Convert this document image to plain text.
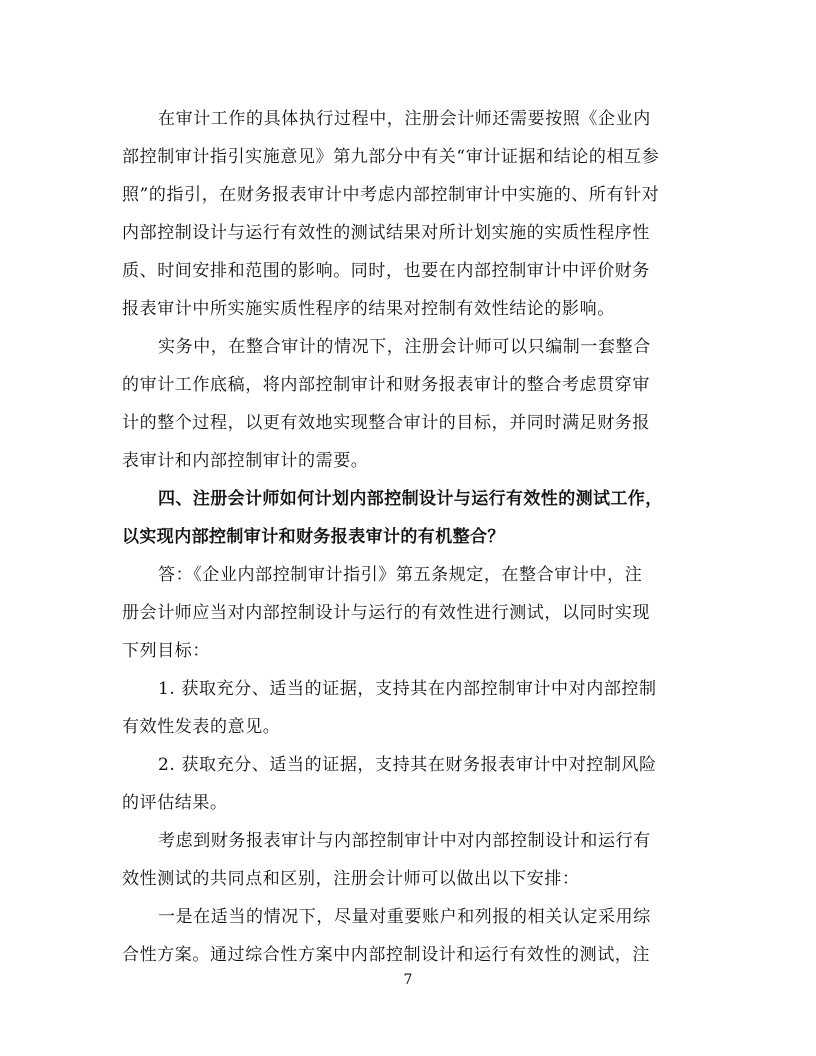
在审计工作的具体执行过程中，注册会计师还需要按照《企业内
部控制审计指引实施意见》第九部分中有关“审计证据和结论的相互参
照”的指引，在财务报表审计中考虑内部控制审计中实施的、所有针对
内部控制设计与运行有效性的测试结果对所计划实施的实质性程序性
质、时间安排和范围的影响。同时，也要在内部控制审计中评价财务
报表审计中所实施实质性程序的结果对控制有效性结论的影响。
实务中，在整合审计的情况下，注册会计师可以只编制一套整合
的审计工作底稿，将内部控制审计和财务报表审计的整合考虑贯穿审
计的整个过程，以更有效地实现整合审计的目标，并同时满足财务报
表审计和内部控制审计的需要。
四、注册会计师如何计划内部控制设计与运行有效性的测试工作，
以实现内部控制审计和财务报表审计的有机整合？
答：《企业内部控制审计指引》第五条规定，在整合审计中，注
册会计师应当对内部控制设计与运行的有效性进行测试，以同时实现
下列目标：
1. 获取充分、适当的证据，支持其在内部控制审计中对内部控制
有效性发表的意见。
2. 获取充分、适当的证据，支持其在财务报表审计中对控制风险
的评估结果。
考虑到财务报表审计与内部控制审计中对内部控制设计和运行有
效性测试的共同点和区别，注册会计师可以做出以下安排：
一是在适当的情况下，尽量对重要账户和列报的相关认定采用综
合性方案。通过综合性方案中内部控制设计和运行有效性的测试，注
7
